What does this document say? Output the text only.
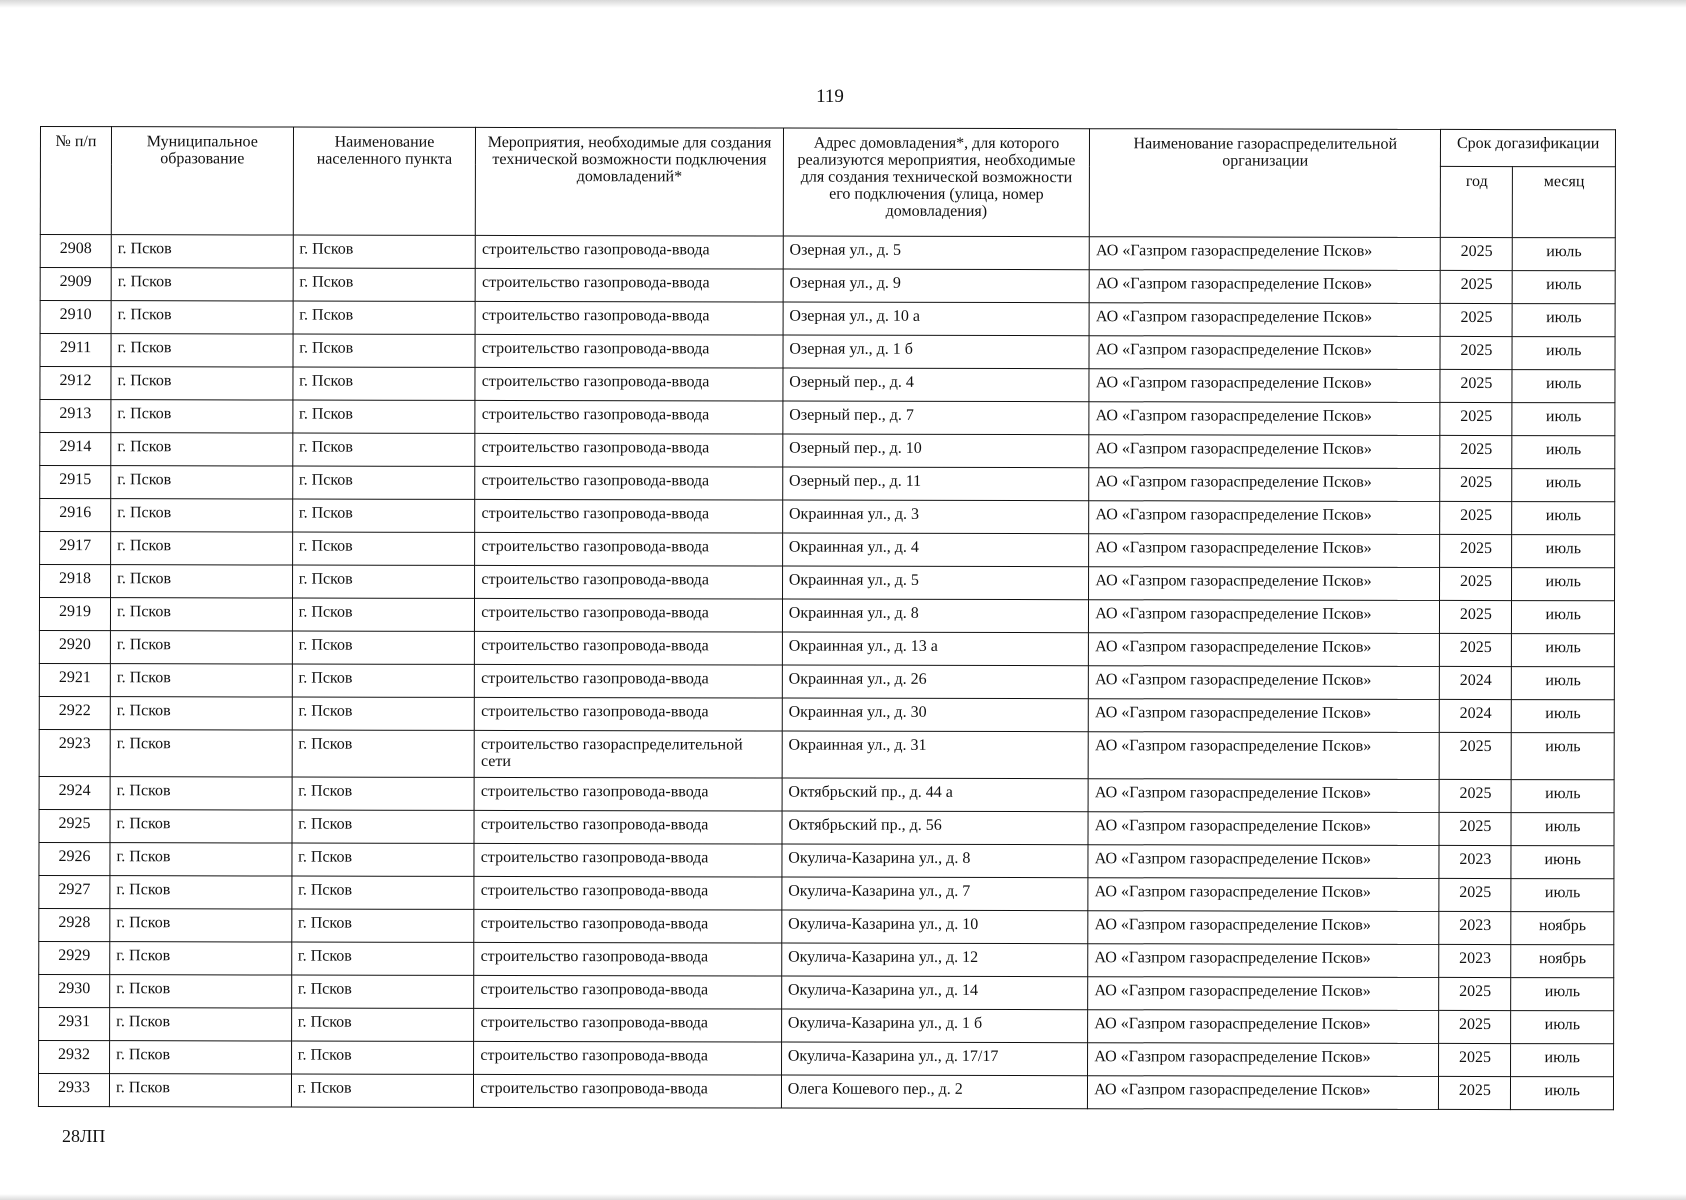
119
№ п/п	Муниципальное образование	Наименование населенного пункта	Мероприятия, необходимые для создания технической возможности подключения домовладений*	Адрес домовладения*, для которого реализуются мероприятия, необходимые для создания технической возможности его подключения (улица, номер домовладения)	Наименование газораспределительной организации	Срок догазификации	
						год	месяц
2908	г. Псков	г. Псков	строительство газопровода-ввода	Озерная ул., д. 5	АО «Газпром газораспределение Псков»	2025	июль
2909	г. Псков	г. Псков	строительство газопровода-ввода	Озерная ул., д. 9	АО «Газпром газораспределение Псков»	2025	июль
2910	г. Псков	г. Псков	строительство газопровода-ввода	Озерная ул., д. 10 а	АО «Газпром газораспределение Псков»	2025	июль
2911	г. Псков	г. Псков	строительство газопровода-ввода	Озерная ул., д. 1 б	АО «Газпром газораспределение Псков»	2025	июль
2912	г. Псков	г. Псков	строительство газопровода-ввода	Озерный пер., д. 4	АО «Газпром газораспределение Псков»	2025	июль
2913	г. Псков	г. Псков	строительство газопровода-ввода	Озерный пер., д. 7	АО «Газпром газораспределение Псков»	2025	июль
2914	г. Псков	г. Псков	строительство газопровода-ввода	Озерный пер., д. 10	АО «Газпром газораспределение Псков»	2025	июль
2915	г. Псков	г. Псков	строительство газопровода-ввода	Озерный пер., д. 11	АО «Газпром газораспределение Псков»	2025	июль
2916	г. Псков	г. Псков	строительство газопровода-ввода	Окраинная ул., д. 3	АО «Газпром газораспределение Псков»	2025	июль
2917	г. Псков	г. Псков	строительство газопровода-ввода	Окраинная ул., д. 4	АО «Газпром газораспределение Псков»	2025	июль
2918	г. Псков	г. Псков	строительство газопровода-ввода	Окраинная ул., д. 5	АО «Газпром газораспределение Псков»	2025	июль
2919	г. Псков	г. Псков	строительство газопровода-ввода	Окраинная ул., д. 8	АО «Газпром газораспределение Псков»	2025	июль
2920	г. Псков	г. Псков	строительство газопровода-ввода	Окраинная ул., д. 13 а	АО «Газпром газораспределение Псков»	2025	июль
2921	г. Псков	г. Псков	строительство газопровода-ввода	Окраинная ул., д. 26	АО «Газпром газораспределение Псков»	2024	июль
2922	г. Псков	г. Псков	строительство газопровода-ввода	Окраинная ул., д. 30	АО «Газпром газораспределение Псков»	2024	июль
2923	г. Псков	г. Псков	строительство газораспределительной сети	Окраинная ул., д. 31	АО «Газпром газораспределение Псков»	2025	июль
2924	г. Псков	г. Псков	строительство газопровода-ввода	Октябрьский пр., д. 44 а	АО «Газпром газораспределение Псков»	2025	июль
2925	г. Псков	г. Псков	строительство газопровода-ввода	Октябрьский пр., д. 56	АО «Газпром газораспределение Псков»	2025	июль
2926	г. Псков	г. Псков	строительство газопровода-ввода	Окулича-Казарина ул., д. 8	АО «Газпром газораспределение Псков»	2023	июнь
2927	г. Псков	г. Псков	строительство газопровода-ввода	Окулича-Казарина ул., д. 7	АО «Газпром газораспределение Псков»	2025	июль
2928	г. Псков	г. Псков	строительство газопровода-ввода	Окулича-Казарина ул., д. 10	АО «Газпром газораспределение Псков»	2023	ноябрь
2929	г. Псков	г. Псков	строительство газопровода-ввода	Окулича-Казарина ул., д. 12	АО «Газпром газораспределение Псков»	2023	ноябрь
2930	г. Псков	г. Псков	строительство газопровода-ввода	Окулича-Казарина ул., д. 14	АО «Газпром газораспределение Псков»	2025	июль
2931	г. Псков	г. Псков	строительство газопровода-ввода	Окулича-Казарина ул., д. 1 б	АО «Газпром газораспределение Псков»	2025	июль
2932	г. Псков	г. Псков	строительство газопровода-ввода	Окулича-Казарина ул., д. 17/17	АО «Газпром газораспределение Псков»	2025	июль
2933	г. Псков	г. Псков	строительство газопровода-ввода	Олега Кошевого пер., д. 2	АО «Газпром газораспределение Псков»	2025	июль
28ЛП
